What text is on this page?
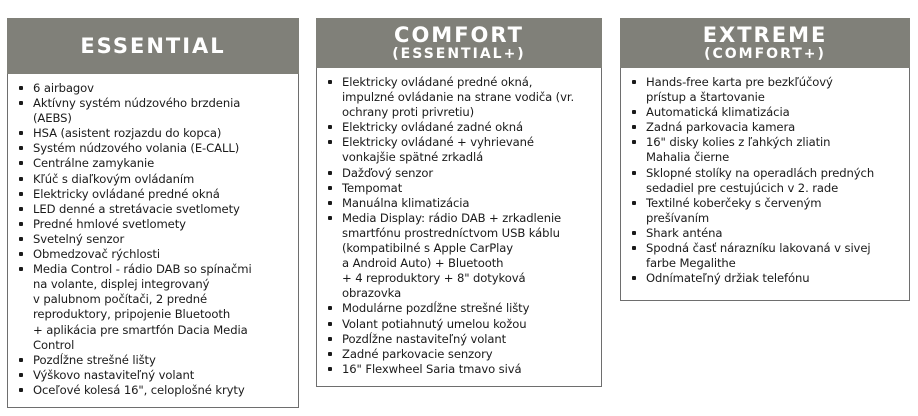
ESSENTIAL
6 airbagov
Aktívny systém núdzového brzdenia
(AEBS)
HSA (asistent rozjazdu do kopca)
Systém núdzového volania (E-CALL)
Centrálne zamykanie
Kľúč s diaľkovým ovládaním
Elektricky ovládané predné okná
LED denné a stretávacie svetlomety
Predné hmlové svetlomety
Svetelný senzor
Obmedzovač rýchlosti
Media Control - rádio DAB so spínačmi
na volante, displej integrovaný
v palubnom počítači, 2 predné
reproduktory, pripojenie Bluetooth
+ aplikácia pre smartfón Dacia Media
Control
Pozdĺžne strešné lišty
Výškovo nastaviteľný volant
Oceľové kolesá 16", celoplošné kryty
COMFORT
(ESSENTIAL+)
Elektricky ovládané predné okná,
impulzné ovládanie na strane vodiča (vr.
ochrany proti privretiu)
Elektricky ovládané zadné okná
Elektricky ovládané + vyhrievané
vonkajšie spätné zrkadlá
Dažďový senzor
Tempomat
Manuálna klimatizácia
Media Display: rádio DAB + zrkadlenie
smartfónu prostredníctvom USB káblu
(kompatibilné s Apple CarPlay
a Android Auto) + Bluetooth
+ 4 reproduktory + 8" dotyková
obrazovka
Modulárne pozdĺžne strešné lišty
Volant potiahnutý umelou kožou
Pozdĺžne nastaviteľný volant
Zadné parkovacie senzory
16" Flexwheel Saria tmavo sivá
EXTREME
(COMFORT+)
Hands-free karta pre bezkľúčový
prístup a štartovanie
Automatická klimatizácia
Zadná parkovacia kamera
16" disky kolies z ľahkých zliatin
Mahalia čierne
Sklopné stolíky na operadlách predných
sedadiel pre cestujúcich v 2. rade
Textilné koberčeky s červeným
prešívaním
Shark anténa
Spodná časť nárazníku lakovaná v sivej
farbe Megalithe
Odnímateľný držiak telefónu
